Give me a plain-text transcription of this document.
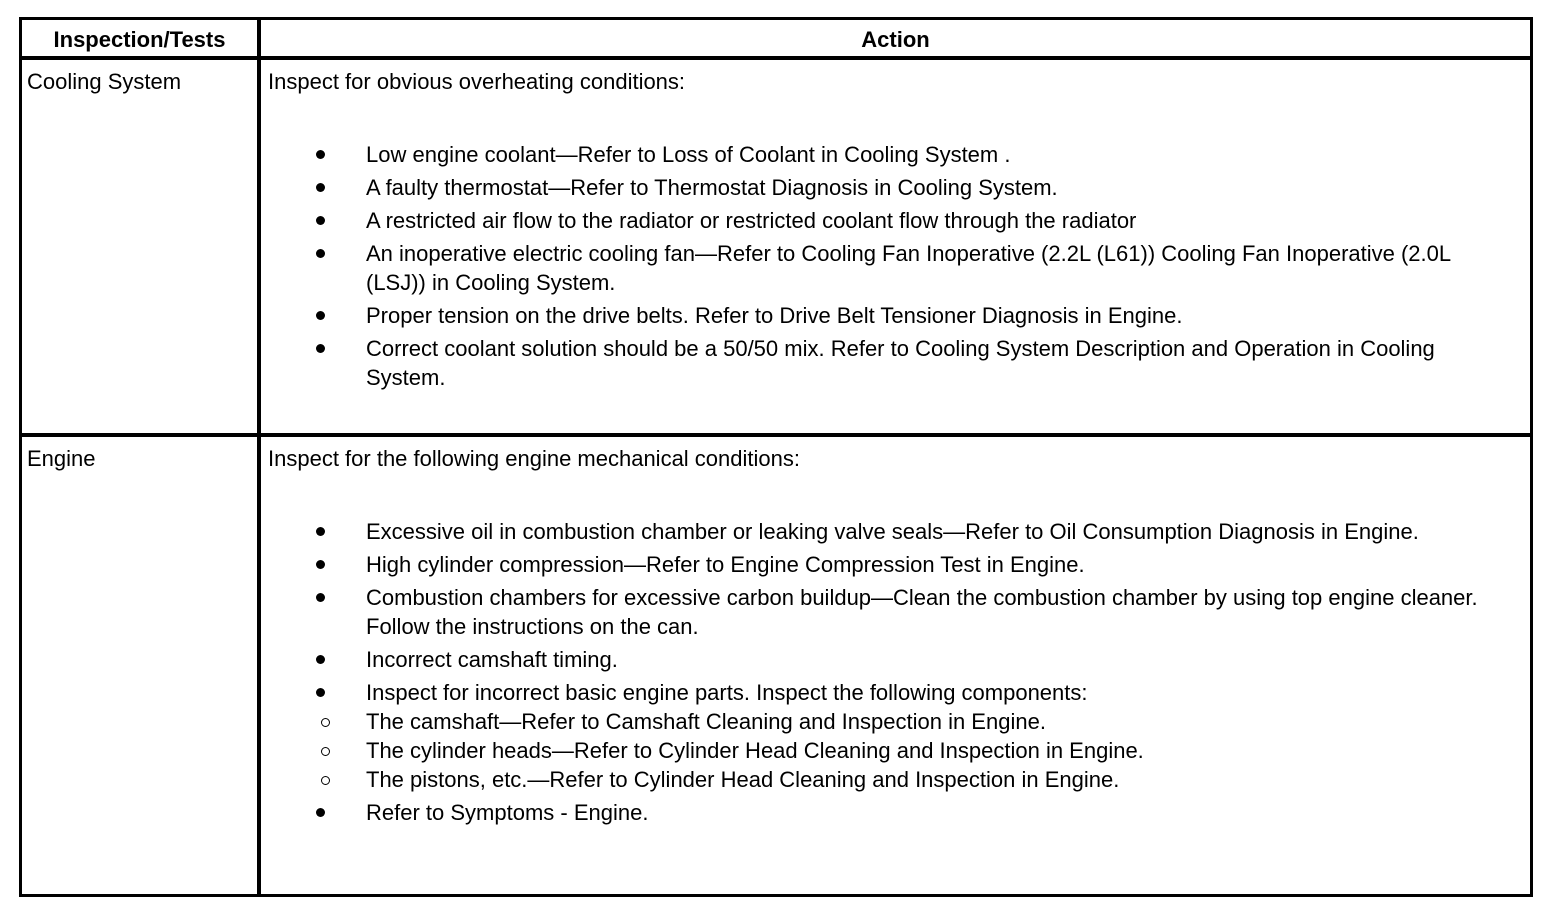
Inspection/Tests	Action
Cooling System	Inspect for obvious overheating conditions:

Low engine coolant—Refer to Loss of Coolant in Cooling System .
A faulty thermostat—Refer to Thermostat Diagnosis in Cooling System.
A restricted air flow to the radiator or restricted coolant flow through the radiator
An inoperative electric cooling fan—Refer to Cooling Fan Inoperative (2.2L (L61)) Cooling Fan Inoperative (2.0L (LSJ)) in Cooling System.
Proper tension on the drive belts. Refer to Drive Belt Tensioner Diagnosis in Engine.
Correct coolant solution should be a 50/50 mix. Refer to Cooling System Description and Operation in Cooling System.
Engine	Inspect for the following engine mechanical conditions:

Excessive oil in combustion chamber or leaking valve seals—Refer to Oil Consumption Diagnosis in Engine.
High cylinder compression—Refer to Engine Compression Test in Engine.
Combustion chambers for excessive carbon buildup—Clean the combustion chamber by using top engine cleaner. Follow the instructions on the can.
Incorrect camshaft timing.
Inspect for incorrect basic engine parts. Inspect the following components:
The camshaft—Refer to Camshaft Cleaning and Inspection in Engine.
The cylinder heads—Refer to Cylinder Head Cleaning and Inspection in Engine.
The pistons, etc.—Refer to Cylinder Head Cleaning and Inspection in Engine.
Refer to Symptoms - Engine.
